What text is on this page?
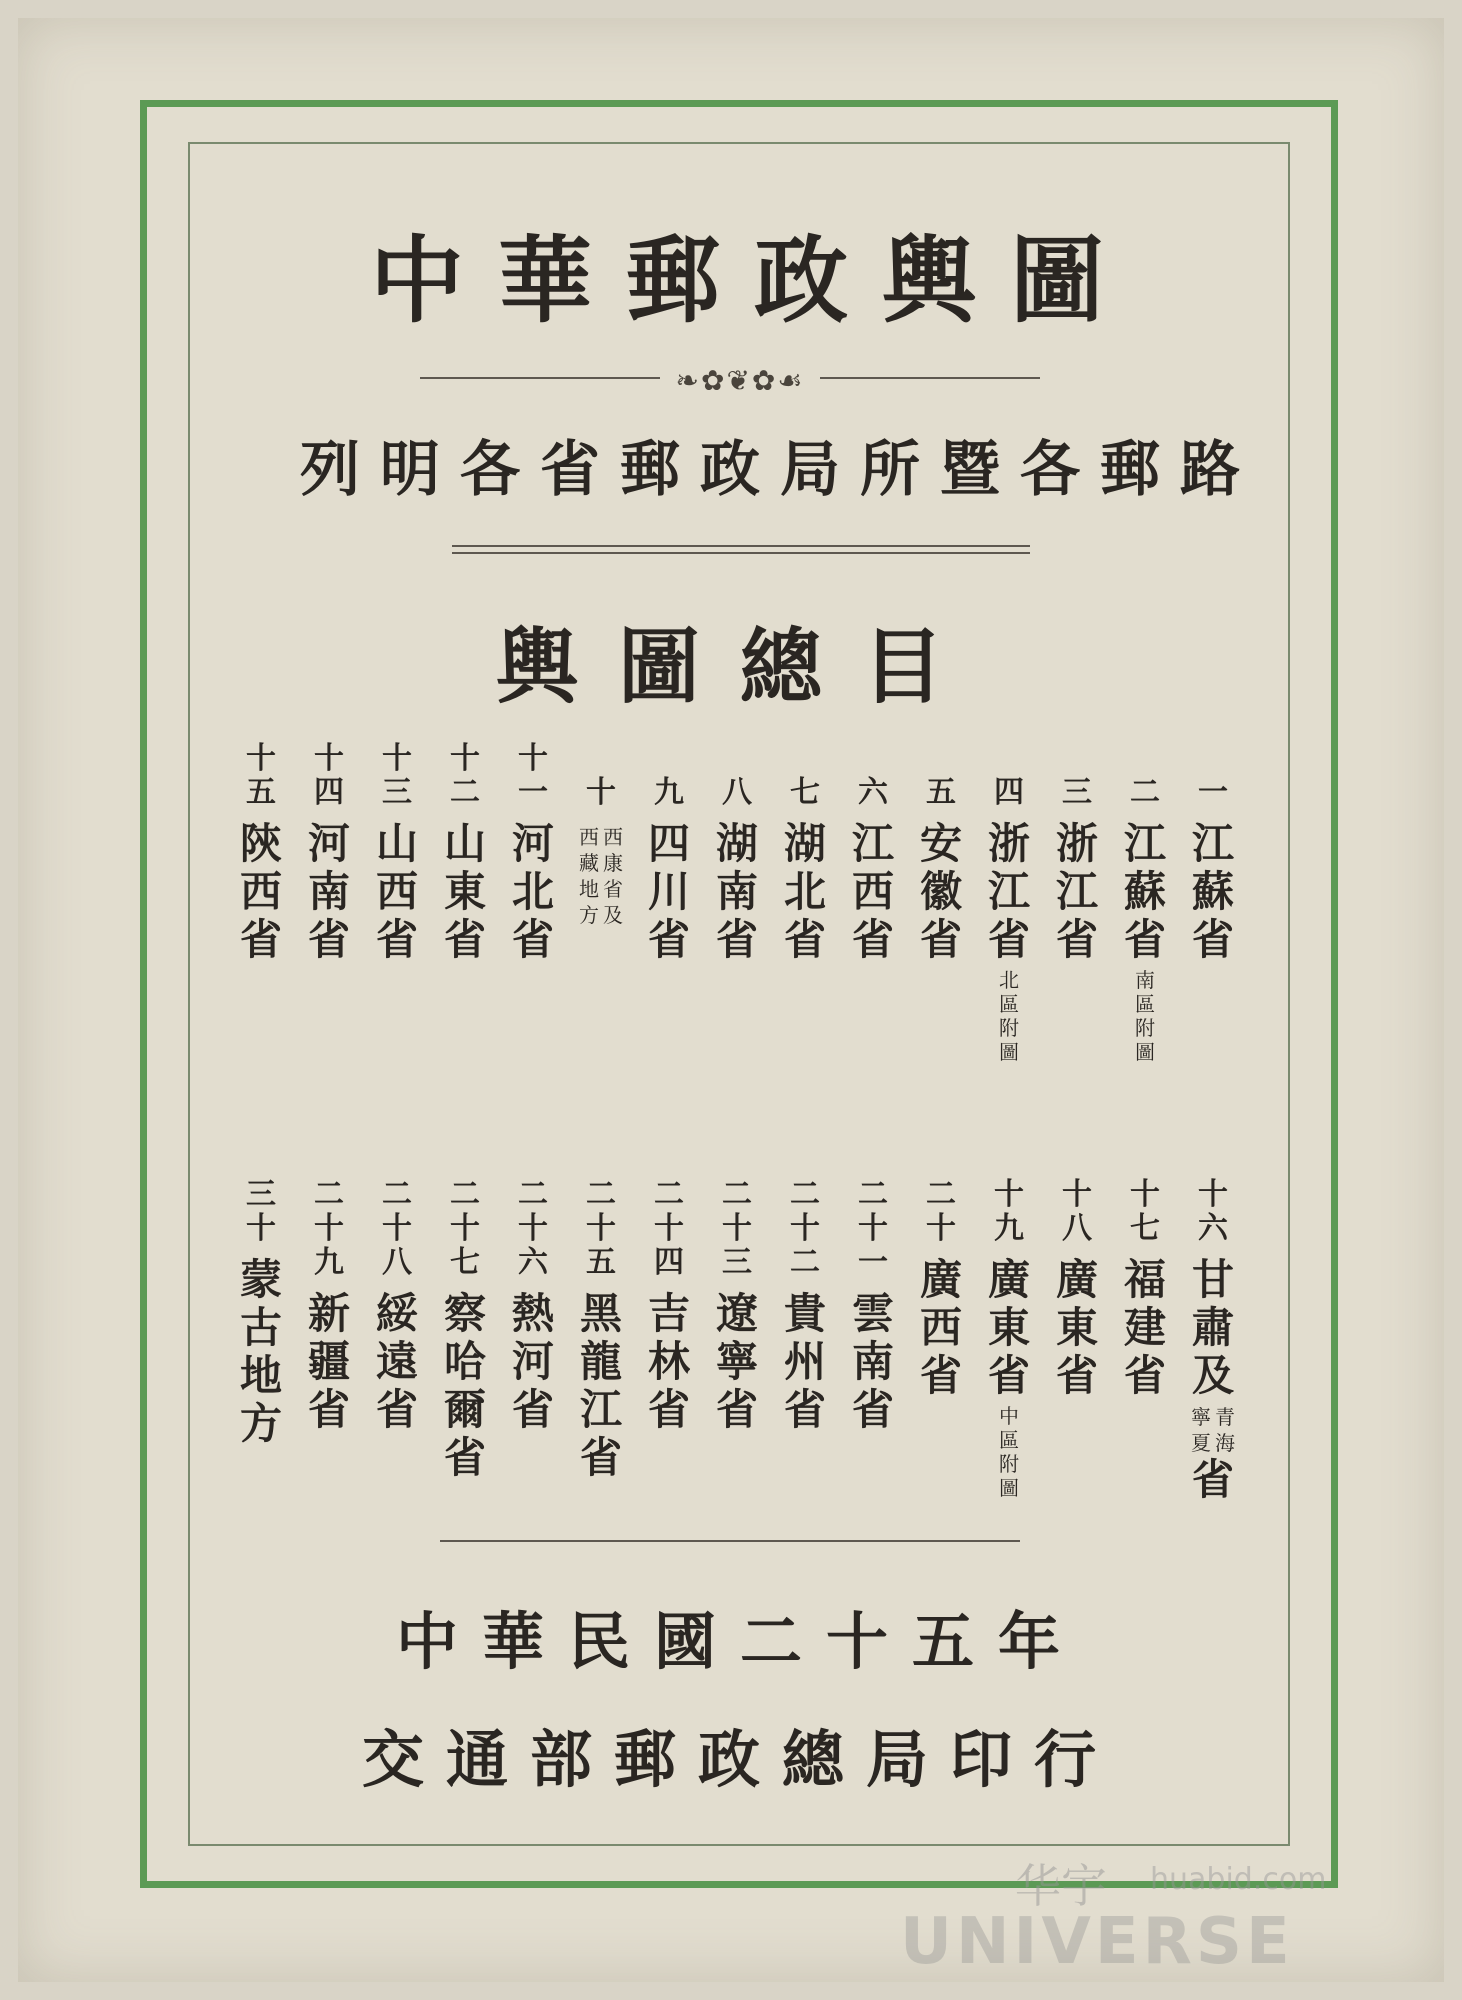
中華郵政輿圖
❧✿❦✿☙
列明各省郵政局所暨各郵路
輿圖總目
一
江
蘇
省
二
江
蘇
省
南
區
附
圖
三
浙
江
省
四
浙
江
省
北
區
附
圖
五
安
徽
省
六
江
西
省
七
湖
北
省
八
湖
南
省
九
四
川
省
十
西
康
省
及
西
藏
地
方
十
一
河
北
省
十
二
山
東
省
十
三
山
西
省
十
四
河
南
省
十
五
陝
西
省
十
六
甘
肅
及
青
海
寧
夏
省
十
七
福
建
省
十
八
廣
東
省
十
九
廣
東
省
中
區
附
圖
二
十
廣
西
省
二
十
一
雲
南
省
二
十
二
貴
州
省
二
十
三
遼
寧
省
二
十
四
吉
林
省
二
十
五
黑
龍
江
省
二
十
六
熱
河
省
二
十
七
察
哈
爾
省
二
十
八
綏
遠
省
二
十
九
新
疆
省
三
十
蒙
古
地
方
中華民國二十五年
交通部郵政總局印行
华宇 huabid.com
UNIVERSE
